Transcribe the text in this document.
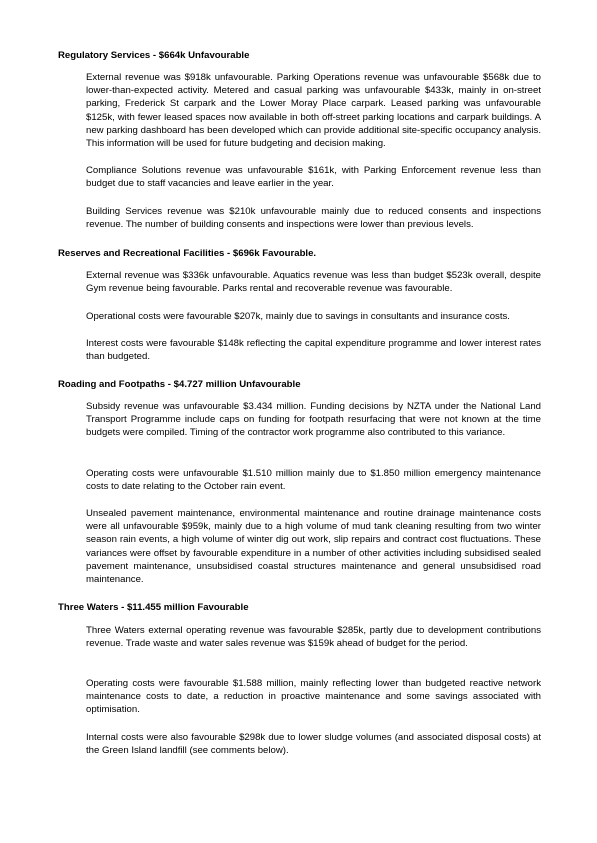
Regulatory Services - $664k Unfavourable
External revenue was $918k unfavourable. Parking Operations revenue was unfavourable $568k due to lower-than-expected activity. Metered and casual parking was unfavourable $433k, mainly in on-street parking, Frederick St carpark and the Lower Moray Place carpark. Leased parking was unfavourable $125k, with fewer leased spaces now available in both off-street parking locations and carpark buildings. A new parking dashboard has been developed which can provide additional site-specific occupancy analysis. This information will be used for future budgeting and decision making.
Compliance Solutions revenue was unfavourable $161k, with Parking Enforcement revenue less than budget due to staff vacancies and leave earlier in the year.
Building Services revenue was $210k unfavourable mainly due to reduced consents and inspections revenue. The number of building consents and inspections were lower than previous levels.
Reserves and Recreational Facilities - $696k Favourable.
External revenue was $336k unfavourable. Aquatics revenue was less than budget $523k overall, despite Gym revenue being favourable. Parks rental and recoverable revenue was favourable.
Operational costs were favourable $207k, mainly due to savings in consultants and insurance costs.
Interest costs were favourable $148k reflecting the capital expenditure programme and lower interest rates than budgeted.
Roading and Footpaths - $4.727 million Unfavourable
Subsidy revenue was unfavourable $3.434 million. Funding decisions by NZTA under the National Land Transport Programme include caps on funding for footpath resurfacing that were not known at the time budgets were compiled. Timing of the contractor work programme also contributed to this variance.
Operating costs were unfavourable $1.510 million mainly due to $1.850 million emergency maintenance costs to date relating to the October rain event.
Unsealed pavement maintenance, environmental maintenance and routine drainage maintenance costs were all unfavourable $959k, mainly due to a high volume of mud tank cleaning resulting from two winter season rain events, a high volume of winter dig out work, slip repairs and contract cost fluctuations. These variances were offset by favourable expenditure in a number of other activities including subsidised sealed pavement maintenance, unsubsidised coastal structures maintenance and general unsubsidised road maintenance.
Three Waters - $11.455 million Favourable
Three Waters external operating revenue was favourable $285k, partly due to development contributions revenue. Trade waste and water sales revenue was $159k ahead of budget for the period.
Operating costs were favourable $1.588 million, mainly reflecting lower than budgeted reactive network maintenance costs to date, a reduction in proactive maintenance and some savings associated with optimisation.
Internal costs were also favourable $298k due to lower sludge volumes (and associated disposal costs) at the Green Island landfill (see comments below).
